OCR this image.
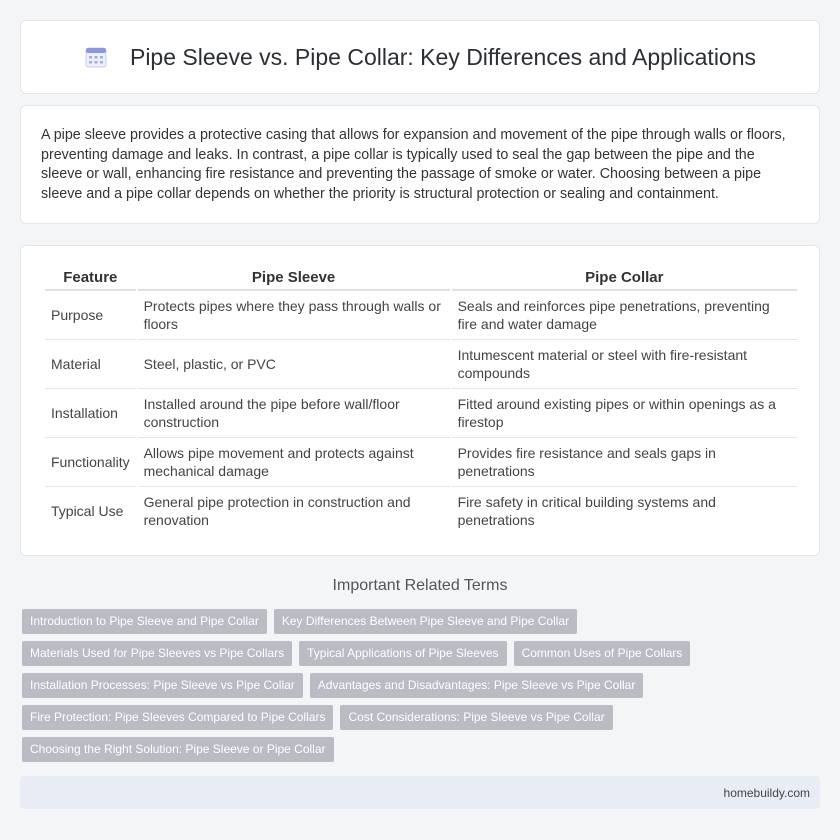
Pipe Sleeve vs. Pipe Collar: Key Differences and Applications

A pipe sleeve provides a protective casing that allows for expansion and movement of the pipe through walls or floors, preventing damage and leaks. In contrast, a pipe collar is typically used to seal the gap between the pipe and the sleeve or wall, enhancing fire resistance and preventing the passage of smoke or water. Choosing between a pipe sleeve and a pipe collar depends on whether the priority is structural protection or sealing and containment.

Feature	Pipe Sleeve	Pipe Collar
Purpose	Protects pipes where they pass through walls or floors	Seals and reinforces pipe penetrations, preventing fire and water damage
Material	Steel, plastic, or PVC	Intumescent material or steel with fire-resistant compounds
Installation	Installed around the pipe before wall/floor construction	Fitted around existing pipes or within openings as a firestop
Functionality	Allows pipe movement and protects against mechanical damage	Provides fire resistance and seals gaps in penetrations
Typical Use	General pipe protection in construction and renovation	Fire safety in critical building systems and penetrations
Important Related Terms
Introduction to Pipe Sleeve and Pipe Collar	Key Differences Between Pipe Sleeve and Pipe Collar
Materials Used for Pipe Sleeves vs Pipe Collars	Typical Applications of Pipe Sleeves	Common Uses of Pipe Collars
Installation Processes: Pipe Sleeve vs Pipe Collar	Advantages and Disadvantages: Pipe Sleeve vs Pipe Collar
Fire Protection: Pipe Sleeves Compared to Pipe Collars	Cost Considerations: Pipe Sleeve vs Pipe Collar
Choosing the Right Solution: Pipe Sleeve or Pipe Collar
homebuildy.com
